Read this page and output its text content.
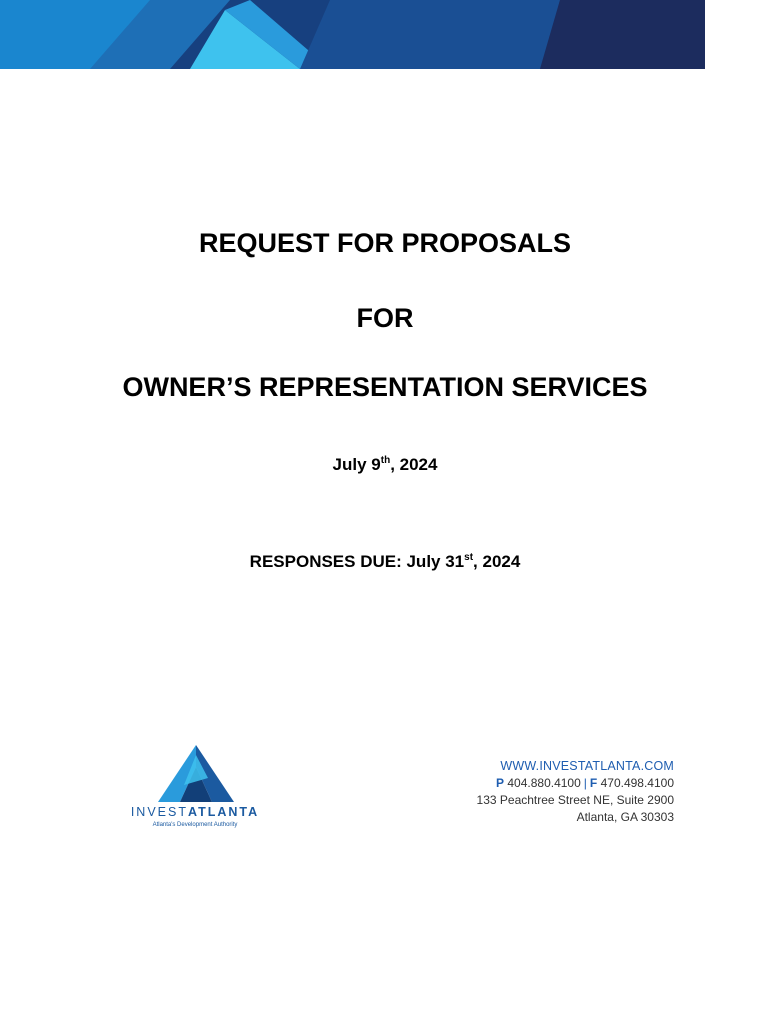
REQUEST FOR PROPOSALS
FOR
OWNER’S REPRESENTATION SERVICES
July 9th, 2024
RESPONSES DUE: July 31st, 2024
INVESTATLANTA
Atlanta's Development Authority
WWW.INVESTATLANTA.COM
P 404.880.4100 | F 470.498.4100
133 Peachtree Street NE, Suite 2900
Atlanta, GA 30303
